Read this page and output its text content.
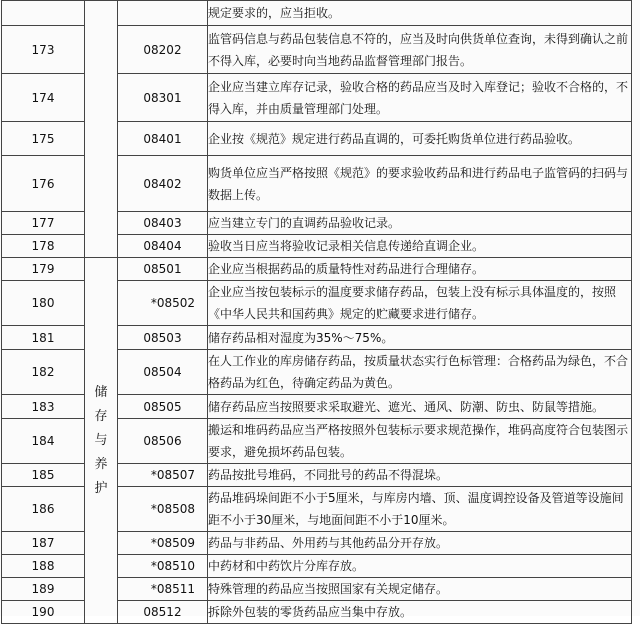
			规定要求的，应当拒收。
173		08202	监管码信息与药品包装信息不符的，应当及时向供货单位查询，未得到确认之前不得入库，必要时向当地药品监督管理部门报告。
174		08301	企业应当建立库存记录，验收合格的药品应当及时入库登记；验收不合格的，不得入库，并由质量管理部门处理。
175		08401	企业按《规范》规定进行药品直调的，可委托购货单位进行药品验收。
176		08402	购货单位应当严格按照《规范》的要求验收药品和进行药品电子监管码的扫码与数据上传。
177		08403	应当建立专门的直调药品验收记录。
178		08404	验收当日应当将验收记录相关信息传递给直调企业。
179	储存与养护	08501	企业应当根据药品的质量特性对药品进行合理储存。
180		*08502	企业应当按包装标示的温度要求储存药品，包装上没有标示具体温度的，按照《中华人民共和国药典》规定的贮藏要求进行储存。
181		08503	储存药品相对湿度为35%～75%。
182		08504	在人工作业的库房储存药品，按质量状态实行色标管理：合格药品为绿色，不合格药品为红色，待确定药品为黄色。
183		08505	储存药品应当按照要求采取避光、遮光、通风、防潮、防虫、防鼠等措施。
184		08506	搬运和堆码药品应当严格按照外包装标示要求规范操作，堆码高度符合包装图示要求，避免损坏药品包装。
185		*08507	药品按批号堆码，不同批号的药品不得混垛。
186		*08508	药品堆码垛间距不小于5厘米，与库房内墙、顶、温度调控设备及管道等设施间距不小于30厘米，与地面间距不小于10厘米。
187		*08509	药品与非药品、外用药与其他药品分开存放。
188		*08510	中药材和中药饮片分库存放。
189		*08511	特殊管理的药品应当按照国家有关规定储存。
190		08512	拆除外包装的零货药品应当集中存放。
